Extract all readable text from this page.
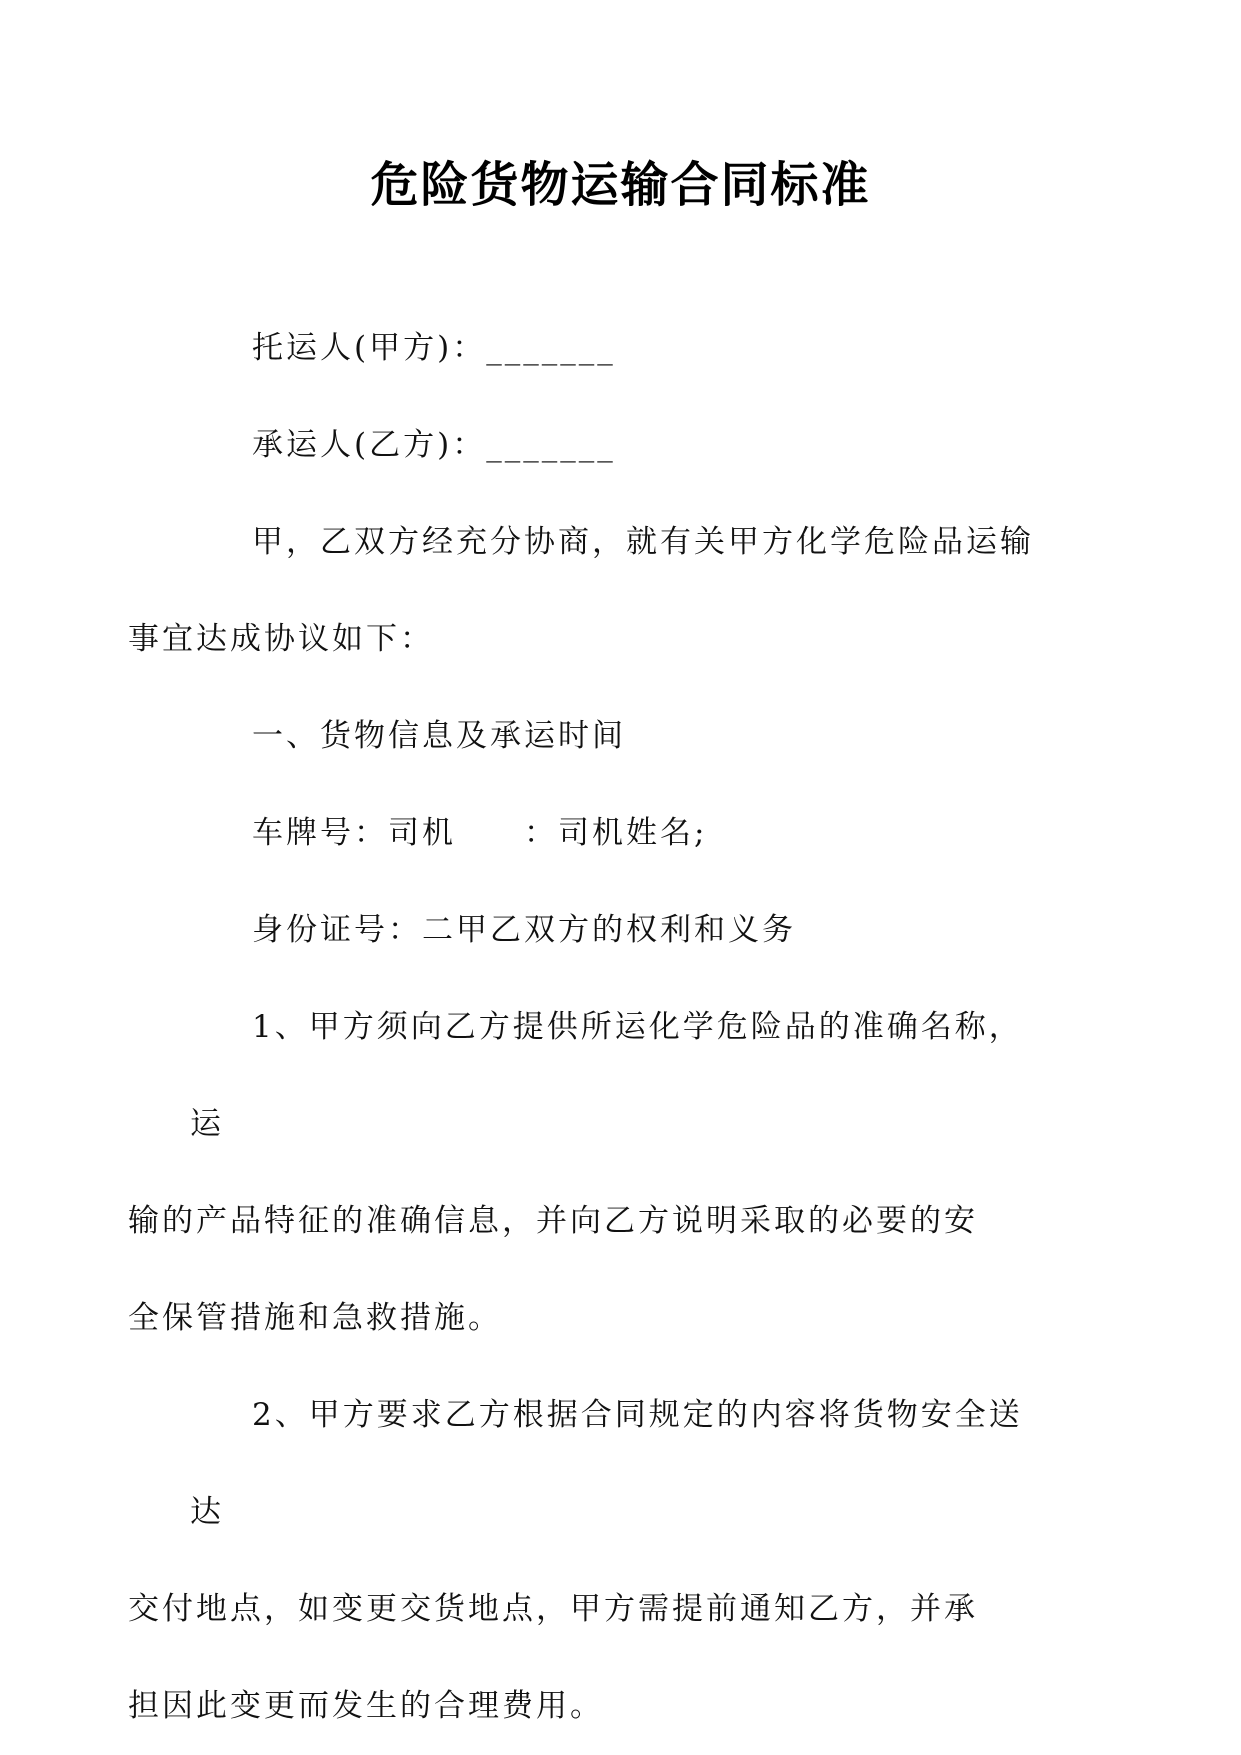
危险货物运输合同标准

托运人(甲方)：_______

承运人(乙方)：_______

甲，乙双方经充分协商，就有关甲方化学危险品运输
事宜达成协议如下：

一、货物信息及承运时间

车牌号：司机　　：司机姓名;

身份证号：二甲乙双方的权利和义务

1、甲方须向乙方提供所运化学危险品的准确名称，运
输的产品特征的准确信息，并向乙方说明采取的必要的安
全保管措施和急救措施。

2、甲方要求乙方根据合同规定的内容将货物安全送达
交付地点，如变更交货地点，甲方需提前通知乙方，并承
担因此变更而发生的合理费用。
